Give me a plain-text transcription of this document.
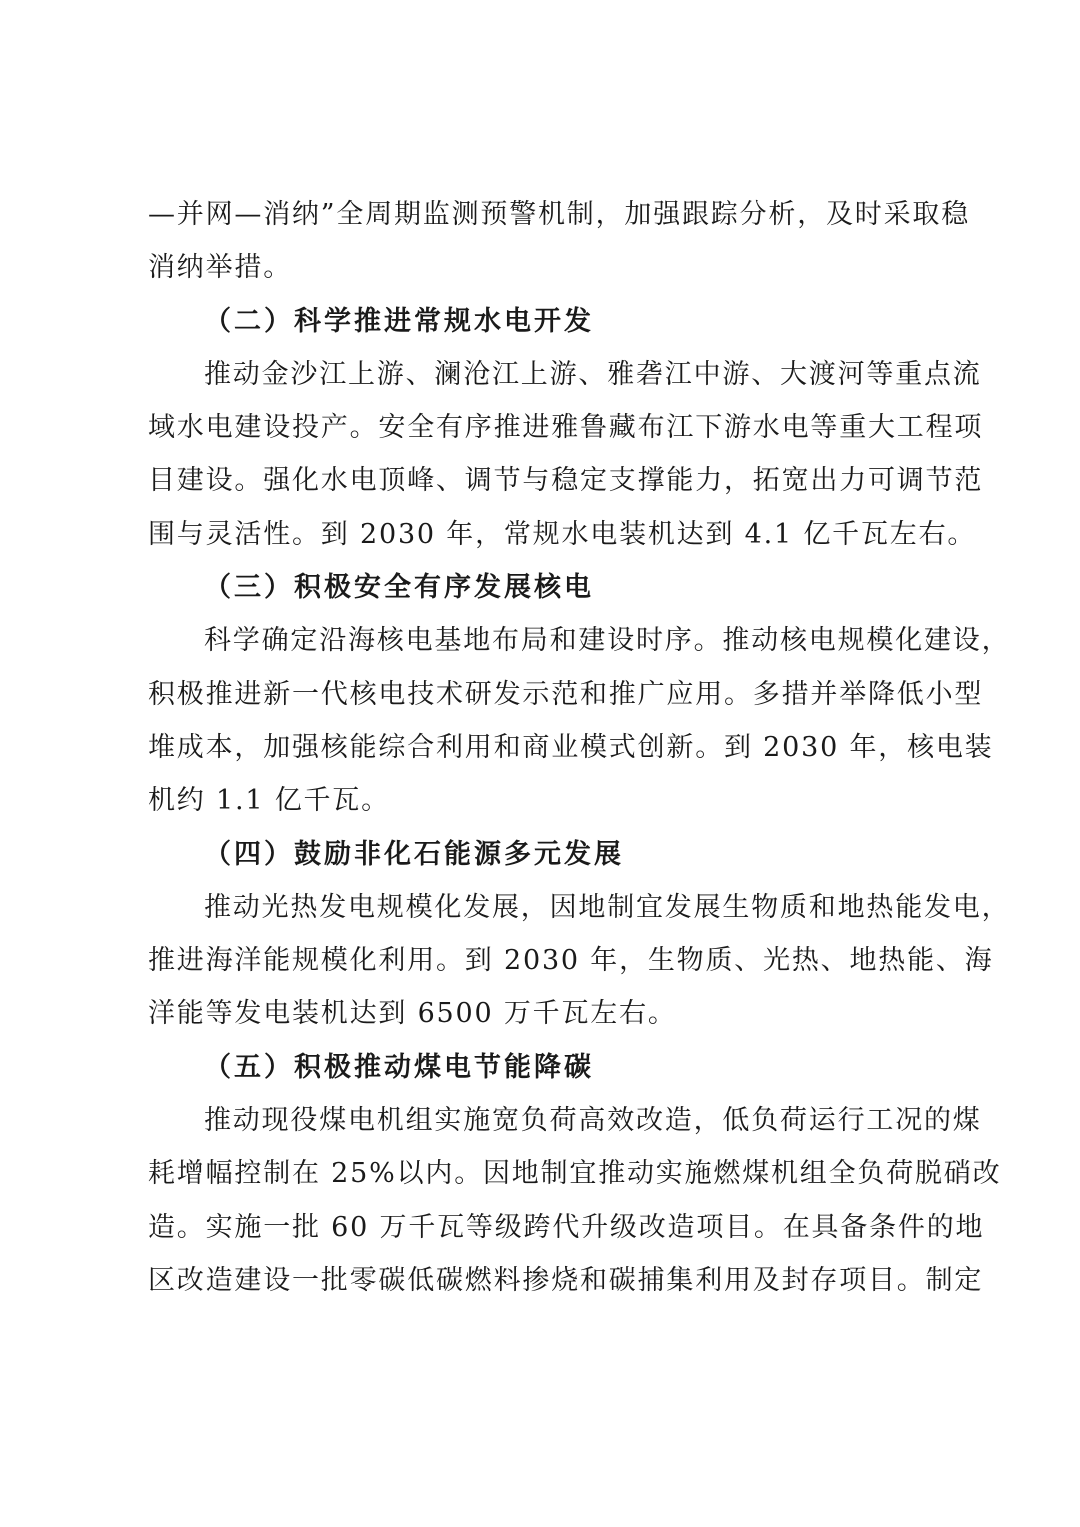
—并网—消纳”全周期监测预警机制，加强跟踪分析，及时采取稳
消纳举措。
（二）科学推进常规水电开发
推动金沙江上游、澜沧江上游、雅砻江中游、大渡河等重点流
域水电建设投产。安全有序推进雅鲁藏布江下游水电等重大工程项
目建设。强化水电顶峰、调节与稳定支撑能力，拓宽出力可调节范
围与灵活性。到 2030 年，常规水电装机达到 4.1 亿千瓦左右。
（三）积极安全有序发展核电
科学确定沿海核电基地布局和建设时序。推动核电规模化建设，
积极推进新一代核电技术研发示范和推广应用。多措并举降低小型
堆成本，加强核能综合利用和商业模式创新。到 2030 年，核电装
机约 1.1 亿千瓦。
（四）鼓励非化石能源多元发展
推动光热发电规模化发展，因地制宜发展生物质和地热能发电，
推进海洋能规模化利用。到 2030 年，生物质、光热、地热能、海
洋能等发电装机达到 6500 万千瓦左右。
（五）积极推动煤电节能降碳
推动现役煤电机组实施宽负荷高效改造，低负荷运行工况的煤
耗增幅控制在 25%以内。因地制宜推动实施燃煤机组全负荷脱硝改
造。实施一批 60 万千瓦等级跨代升级改造项目。在具备条件的地
区改造建设一批零碳低碳燃料掺烧和碳捕集利用及封存项目。制定
